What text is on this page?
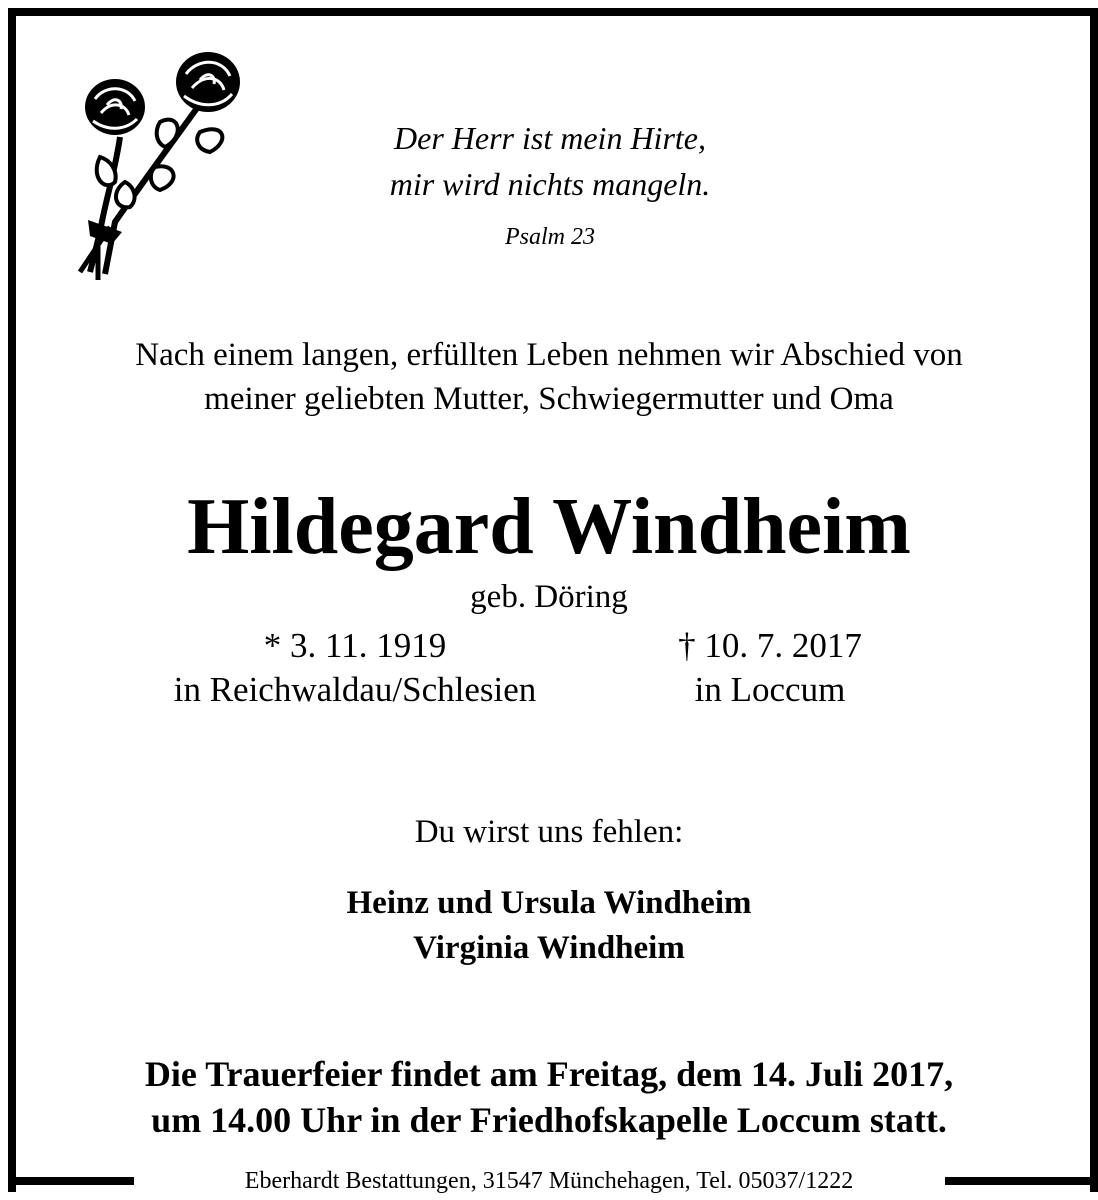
Der Herr ist mein Hirte,
mir wird nichts mangeln.
Psalm 23
Nach einem langen, erfüllten Leben nehmen wir Abschied von
meiner geliebten Mutter, Schwiegermutter und Oma
Hildegard Windheim
geb. Döring
* 3. 11. 1919
in Reichwaldau/Schlesien
† 10. 7. 2017
in Loccum
Du wirst uns fehlen:
Heinz und Ursula Windheim
Virginia Windheim
Die Trauerfeier findet am Freitag, dem 14. Juli 2017,
um 14.00 Uhr in der Friedhofskapelle Loccum statt.
Eberhardt Bestattungen, 31547 Münchehagen, Tel. 05037/1222
